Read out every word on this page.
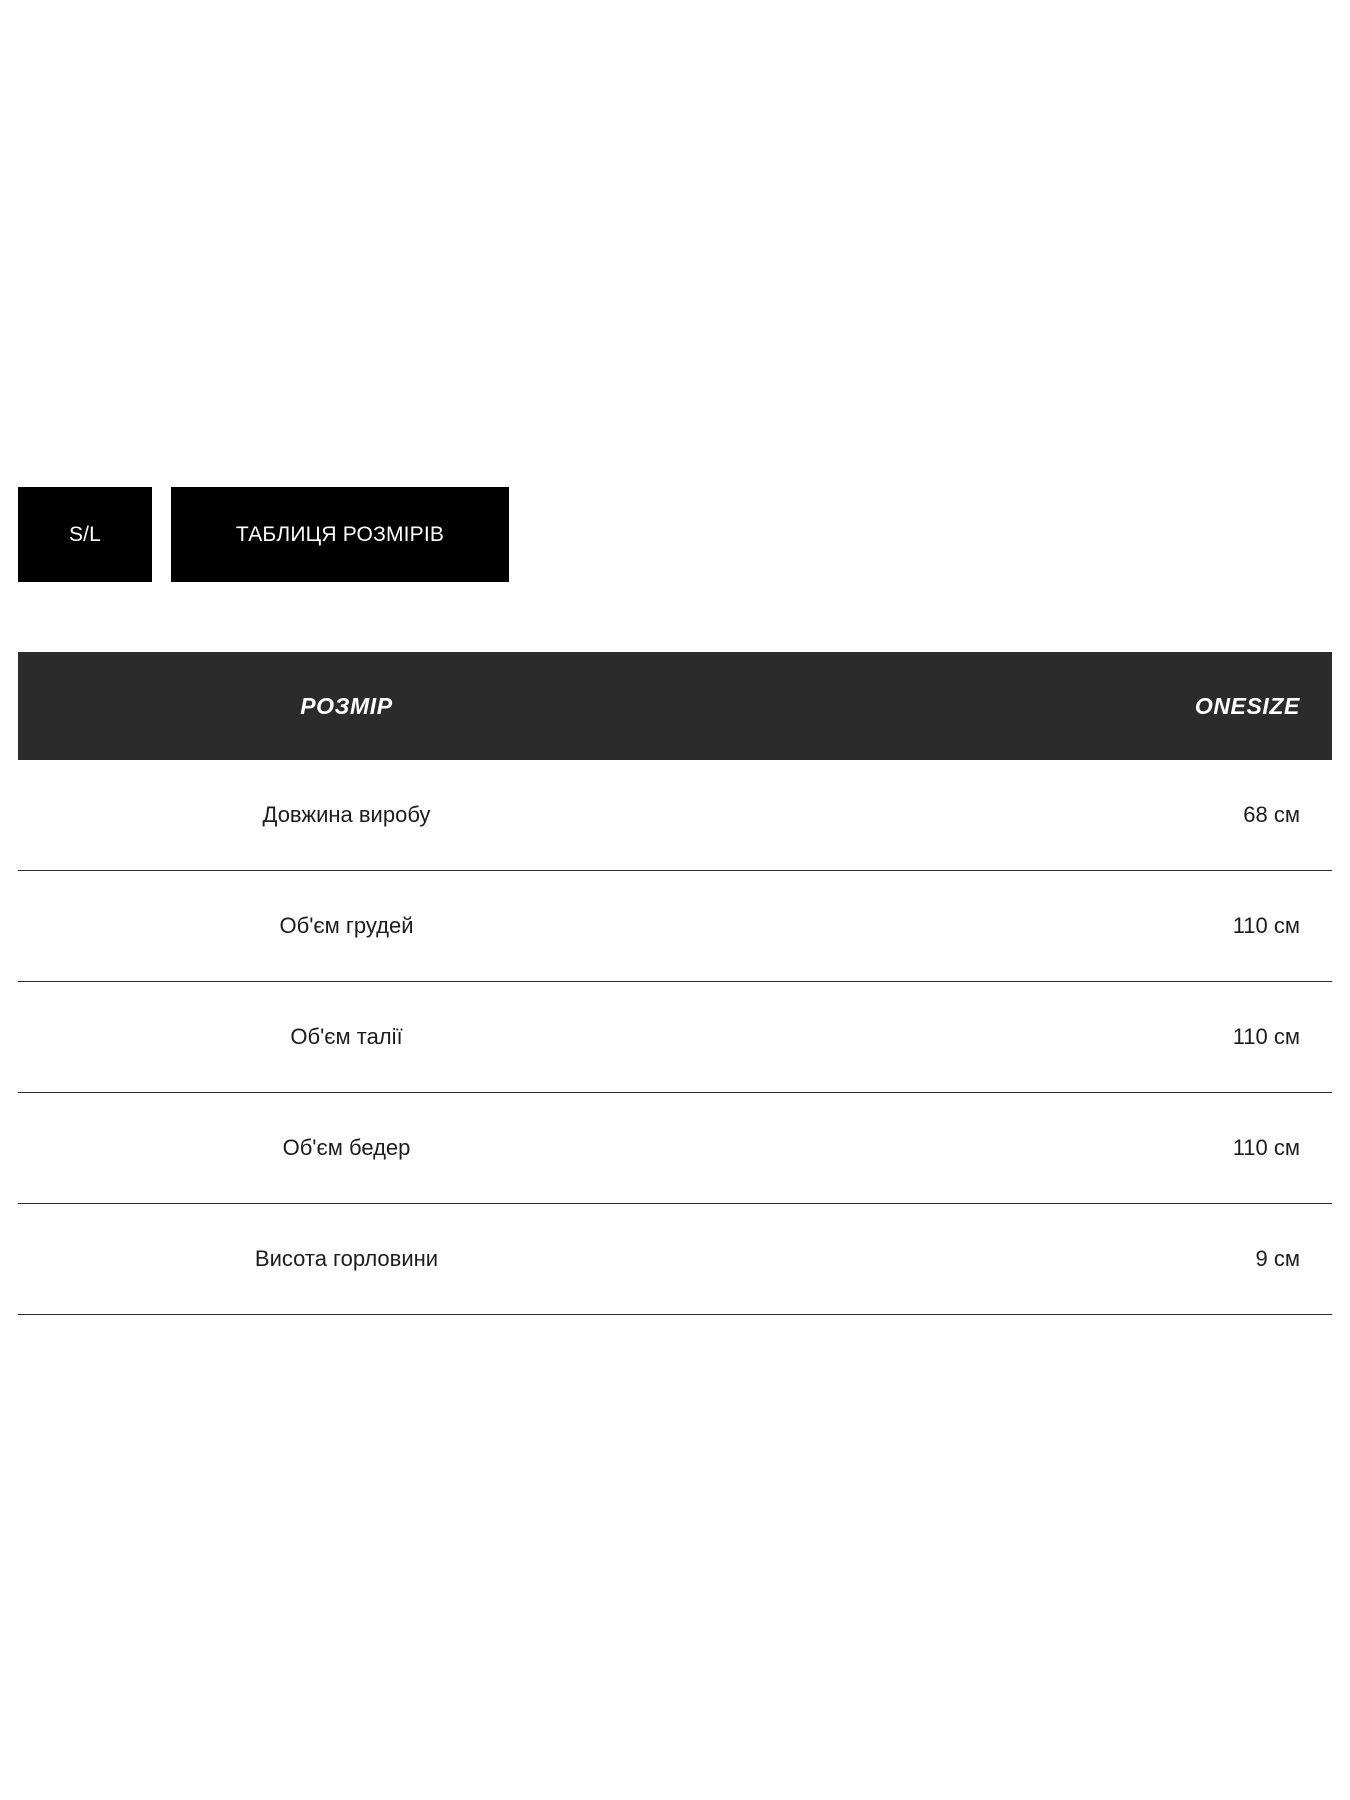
S/L	ТАБЛИЦЯ РОЗМІРІВ
РОЗМІР	ONESIZE
Довжина виробу	68 см
Об'єм грудей	110 см
Об'єм талії	110 см
Об'єм бедер	110 см
Висота горловини	9 см
